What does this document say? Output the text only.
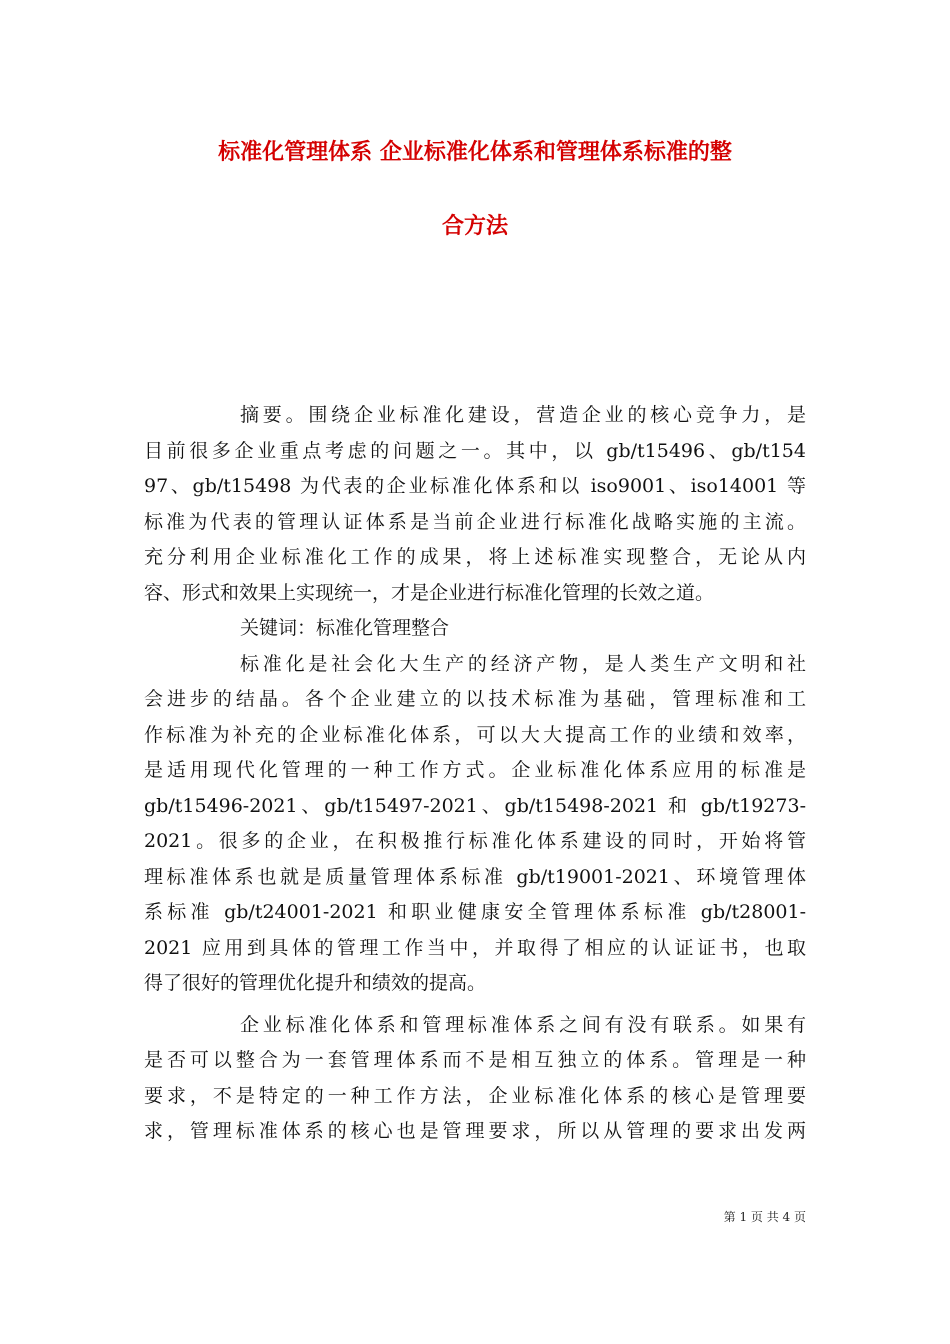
标准化管理体系 企业标准化体系和管理体系标准的整
合方法
摘要。围绕企业标准化建设，营造企业的核心竞争力，是
目前很多企业重点考虑的问题之一。其中，以 gb/t15496、gb/t154
97、gb/t15498 为代表的企业标准化体系和以 iso9001、iso14001 等
标准为代表的管理认证体系是当前企业进行标准化战略实施的主流。
充分利用企业标准化工作的成果，将上述标准实现整合，无论从内
容、形式和效果上实现统一，才是企业进行标准化管理的长效之道。
关键词：标准化管理整合
标准化是社会化大生产的经济产物，是人类生产文明和社
会进步的结晶。各个企业建立的以技术标准为基础，管理标准和工
作标准为补充的企业标准化体系，可以大大提高工作的业绩和效率，
是适用现代化管理的一种工作方式。企业标准化体系应用的标准是
gb/t15496-2021、gb/t15497-2021、gb/t15498-2021 和 gb/t19273-
2021。很多的企业，在积极推行标准化体系建设的同时，开始将管
理标准体系也就是质量管理体系标准 gb/t19001-2021、环境管理体
系标准 gb/t24001-2021 和职业健康安全管理体系标准 gb/t28001-
2021 应用到具体的管理工作当中，并取得了相应的认证证书，也取
得了很好的管理优化提升和绩效的提高。
企业标准化体系和管理标准体系之间有没有联系。如果有
是否可以整合为一套管理体系而不是相互独立的体系。管理是一种
要求，不是特定的一种工作方法，企业标准化体系的核心是管理要
求，管理标准体系的核心也是管理要求，所以从管理的要求出发两
第 1 页 共 4 页
